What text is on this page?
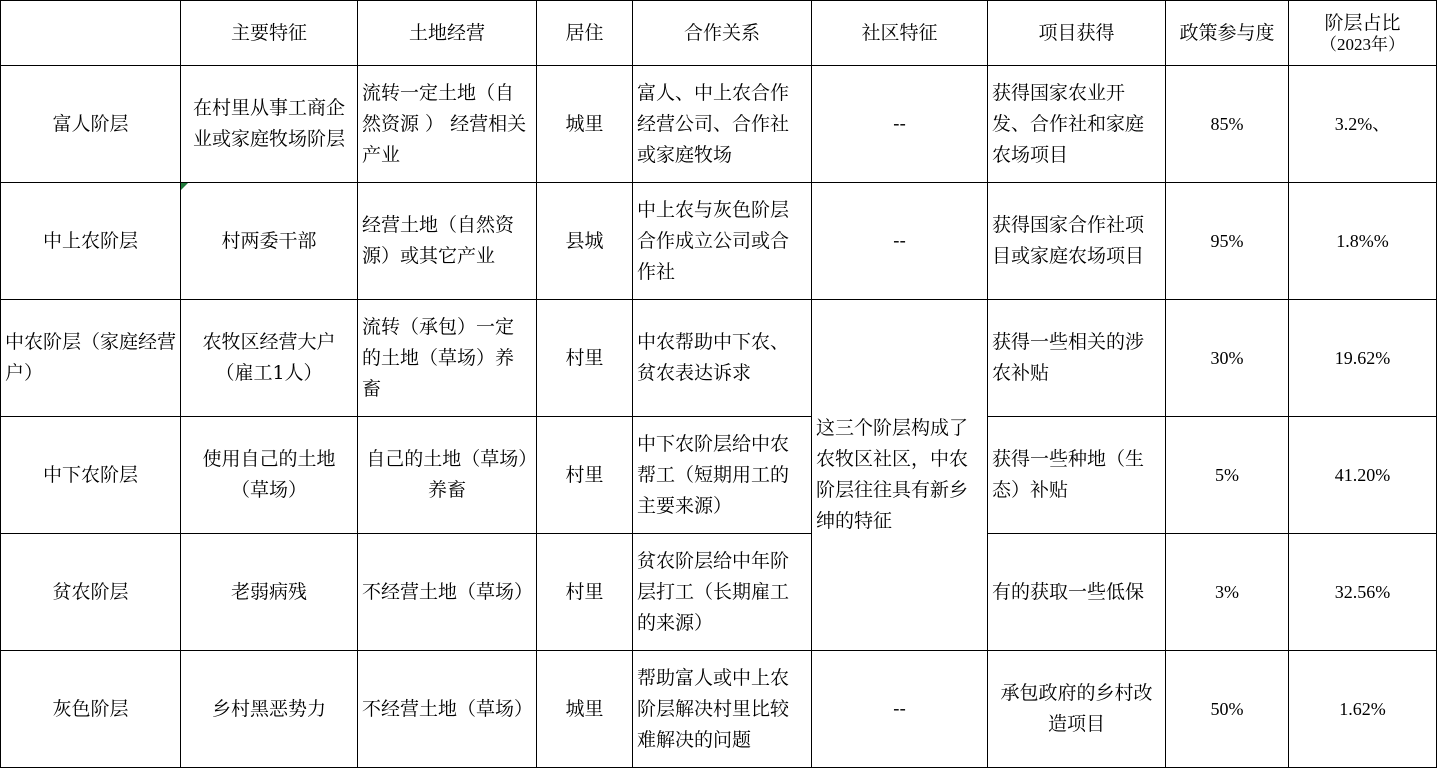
	主要特征	土地经营	居住	合作关系	社区特征	项目获得	政策参与度	阶层占比
（2023年）

富人阶层	在村里从事工商企业或家庭牧场阶层	流转一定土地（自然资源 ） 经营相关产业	城里	富人、中上农合作经营公司、合作社或家庭牧场	--	获得国家农业开发、合作社和家庭农场项目	85%	3.2%、
中上农阶层	村两委干部	经营土地（自然资源）或其它产业	县城	中上农与灰色阶层合作成立公司或合作社	--	获得国家合作社项目或家庭农场项目	95%	1.8%%
中农阶层（家庭经营户）	农牧区经营大户（雇工1人）	流转（承包）一定的土地（草场）养畜	村里	中农帮助中下农、贫农表达诉求	这三个阶层构成了农牧区社区，中农阶层往往具有新乡绅的特征	获得一些相关的涉农补贴	30%	19.62%
中下农阶层	使用自己的土地（草场）	自己的土地（草场）养畜	村里	中下农阶层给中农帮工（短期用工的主要来源）		获得一些种地（生态）补贴	5%	41.20%
贫农阶层	老弱病残	不经营土地（草场）	村里	贫农阶层给中年阶层打工（长期雇工的来源）		有的获取一些低保	3%	32.56%
灰色阶层	乡村黑恶势力	不经营土地（草场）	城里	帮助富人或中上农阶层解决村里比较难解决的问题	--	承包政府的乡村改造项目	50%	1.62%
